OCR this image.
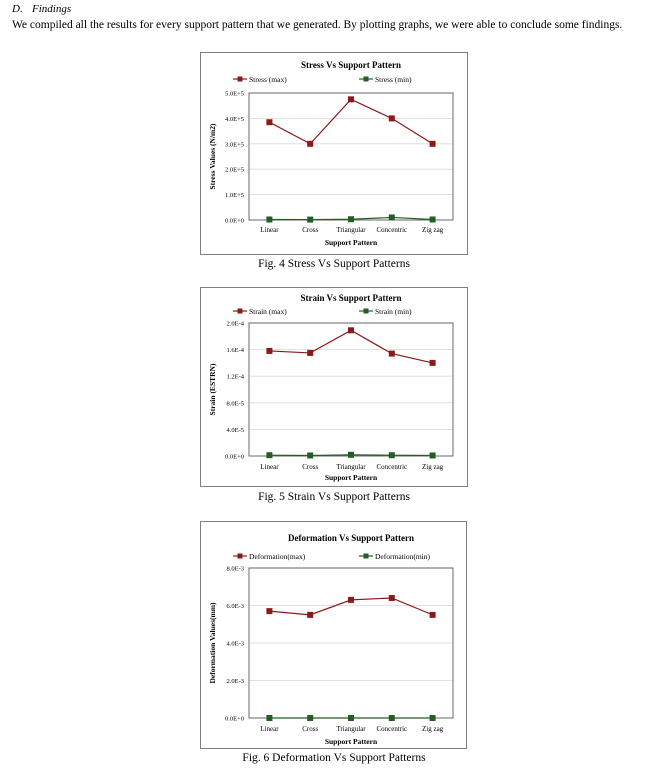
D. Findings

We compiled all the results for every support pattern that we generated. By plotting graphs, we were able to conclude some findings.

Stress Vs Support Pattern
Stress (max)	Stress (min)
0.0E+0
1.0E+5
2.0E+5
3.0E+5
4.0E+5
5.0E+5
Linear	Cross	Triangular Concentric Zig zag
Support Pattern
Stress Values (N/m2)
Fig. 4 Stress Vs Support Patterns
Strain Vs Support Pattern
Strain (max)	Strain (min)
0.0E+0
4.0E-5
8.0E-5
1.2E-4
1.6E-4
2.0E-4
Linear	Cross	Triangular Concentric Zig zag
Support Pattern
Strain (ESTRN)
Fig. 5 Strain Vs Support Patterns
Deformation Vs Support Pattern
Deformation(max)	Deformation(min)
0.0E+0
2.0E-3
4.0E-3
6.0E-3
8.0E-3
Linear	Cross	Triangular Concentric Zig zag
Support Pattern
Deformation Values(mm)
Fig. 6 Deformation Vs Support Patterns
